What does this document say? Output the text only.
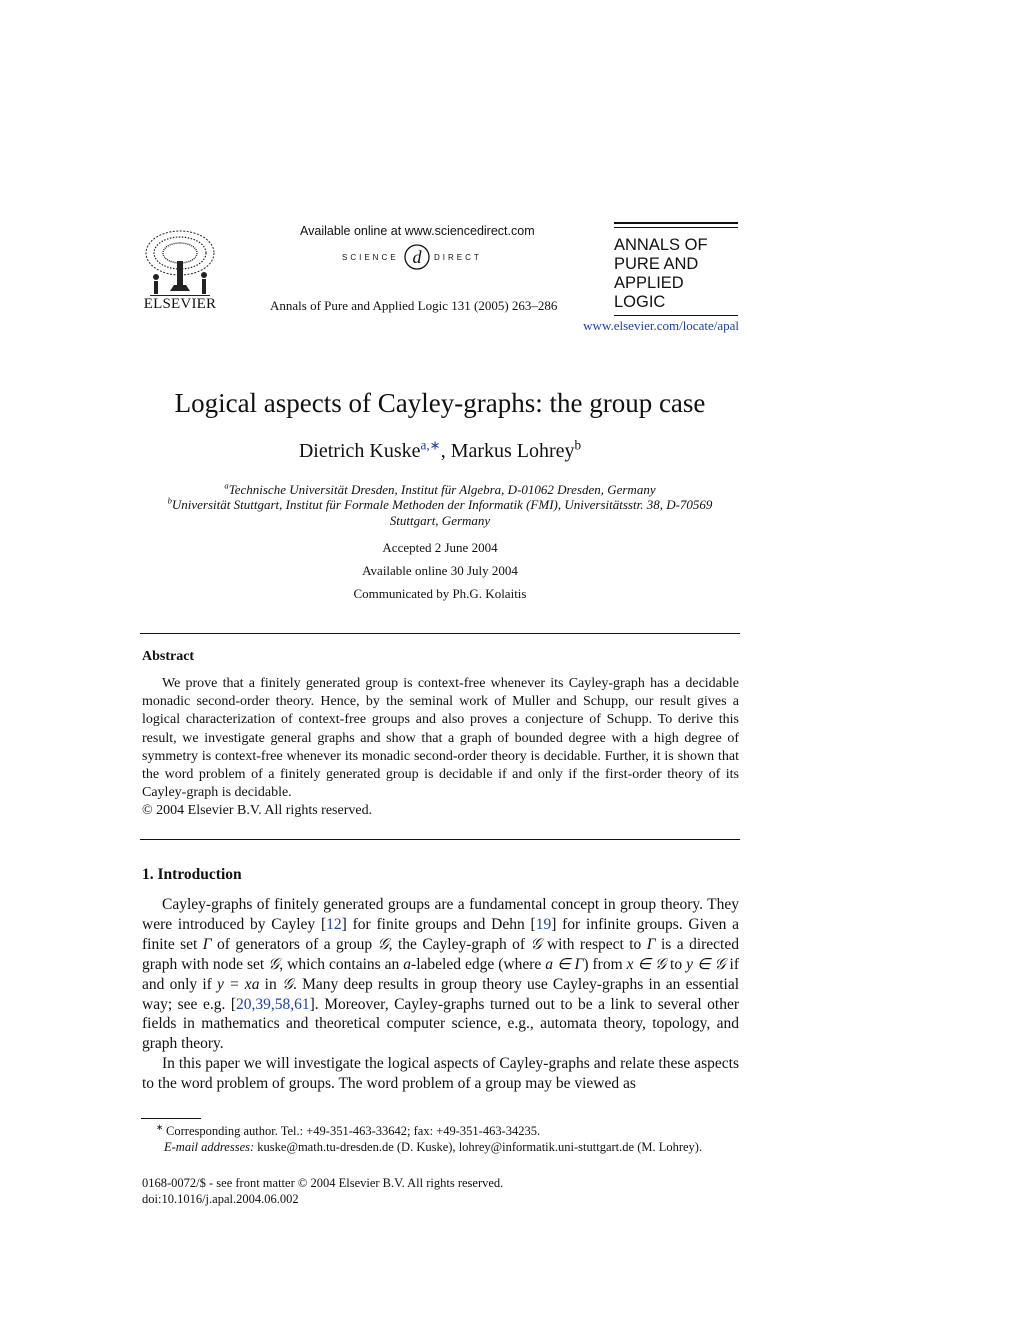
ELSEVIER
Available online at www.sciencedirect.com
d
SCIENCE	DIRECT
Annals of Pure and Applied Logic 131 (2005) 263–286
ANNALS OF
PURE AND
APPLIED LOGIC
www.elsevier.com/locate/apal
Logical aspects of Cayley-graphs: the group case
Dietrich Kuske$^{a,∗}$, Markus Lohrey$^b$
$^a$Technische Universität Dresden, Institut für Algebra, D-01062 Dresden, Germany
$^b$Universität Stuttgart, Institut für Formale Methoden der Informatik (FMI), Universitätsstr. 38, D-70569
Stuttgart, Germany
Accepted 2 June 2004
Available online 30 July 2004
Communicated by Ph.G. Kolaitis
Abstract

We prove that a finitely generated group is context-free whenever its Cayley-graph has a decidable monadic second-order theory. Hence, by the seminal work of Muller and Schupp, our result gives a logical characterization of context-free groups and also proves a conjecture of Schupp. To derive this result, we investigate general graphs and show that a graph of bounded degree with a high degree of symmetry is context-free whenever its monadic second-order theory is decidable. Further, it is shown that the word problem of a finitely generated group is decidable if and only if the first-order theory of its Cayley-graph is decidable.

© 2004 Elsevier B.V. All rights reserved.
1. Introduction

Cayley-graphs of finitely generated groups are a fundamental concept in group theory. They were introduced by Cayley [12] for finite groups and Dehn [19] for infinite groups. Given a finite set Γ of generators of a group 𝒢, the Cayley-graph of 𝒢 with respect to Γ is a directed graph with node set 𝒢, which contains an a-labeled edge (where a ∈ Γ) from x ∈ 𝒢 to y ∈ 𝒢 if and only if y = xa in 𝒢. Many deep results in group theory use Cayley-graphs in an essential way; see e.g. [20,39,58,61]. Moreover, Cayley-graphs turned out to be a link to several other fields in mathematics and theoretical computer science, e.g., automata theory, topology, and graph theory.

In this paper we will investigate the logical aspects of Cayley-graphs and relate these aspects to the word problem of groups. The word problem of a group may be viewed as

∗ Corresponding author. Tel.: +49-351-463-33642; fax: +49-351-463-34235.
E-mail addresses: kuske@math.tu-dresden.de (D. Kuske), lohrey@informatik.uni-stuttgart.de (M. Lohrey).
0168-0072/$ - see front matter © 2004 Elsevier B.V. All rights reserved.
doi:10.1016/j.apal.2004.06.002
